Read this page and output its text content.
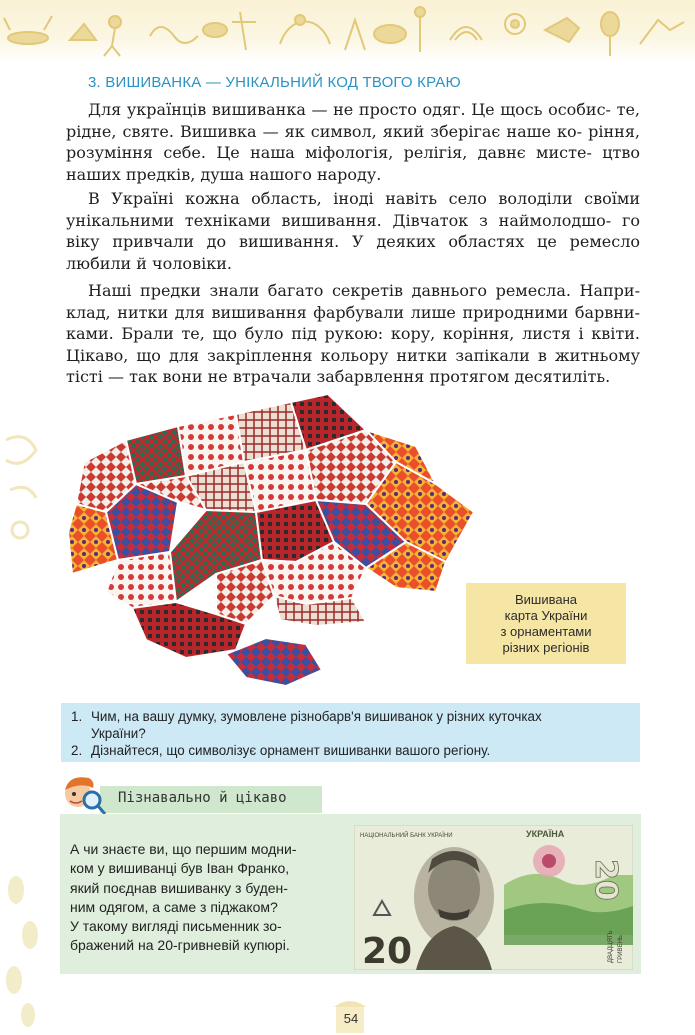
3. ВИШИВАНКА — УНІКАЛЬНИЙ КОД ТВОГО КРАЮ

Для українців вишиванка — не просто одяг. Це щось особис- те, рідне, святе. Вишивка — як символ, який зберігає наше ко- ріння, розуміння себе. Це наша міфологія, релігія, давнє мисте- цтво наших предків, душа нашого народу.

В Україні кожна область, іноді навіть село володіли своїми унікальними техніками вишивання. Дівчаток з наймолодшо- го віку привчали до вишивання. У деяких областях це ремесло любили й чоловіки.

Наші предки знали багато секретів давнього ремесла. Напри- клад, нитки для вишивання фарбували лише природними барвни- ками. Брали те, що було під рукою: кору, коріння, листя і квіти. Цікаво, що для закріплення кольору нитки запікали в житньому тісті — так вони не втрачали забарвлення протягом десятиліть.

Вишивана
карта України
з орнаментами
різних регіонів
1. Чим, на вашу думку, зумовлене різнобарв'я вишиванок у різних куточках
України?
2. Дізнайтеся, що символізує орнамент вишиванки вашого регіону.
Пізнавально й цікаво
А чи знаєте ви, що першим модни-
ком у вишиванці був Іван Франко,
який поєднав вишиванку з буден-
ним одягом, а саме з піджаком?
У такому вигляді письменник зо-
бражений на 20-гривневій купюрі.
НАЦІОНАЛЬНИЙ БАНК УКРАЇНИ	УКРАЇНА
20
20
ДВАДЦЯТЬ ГРИВЕНЬ
54
